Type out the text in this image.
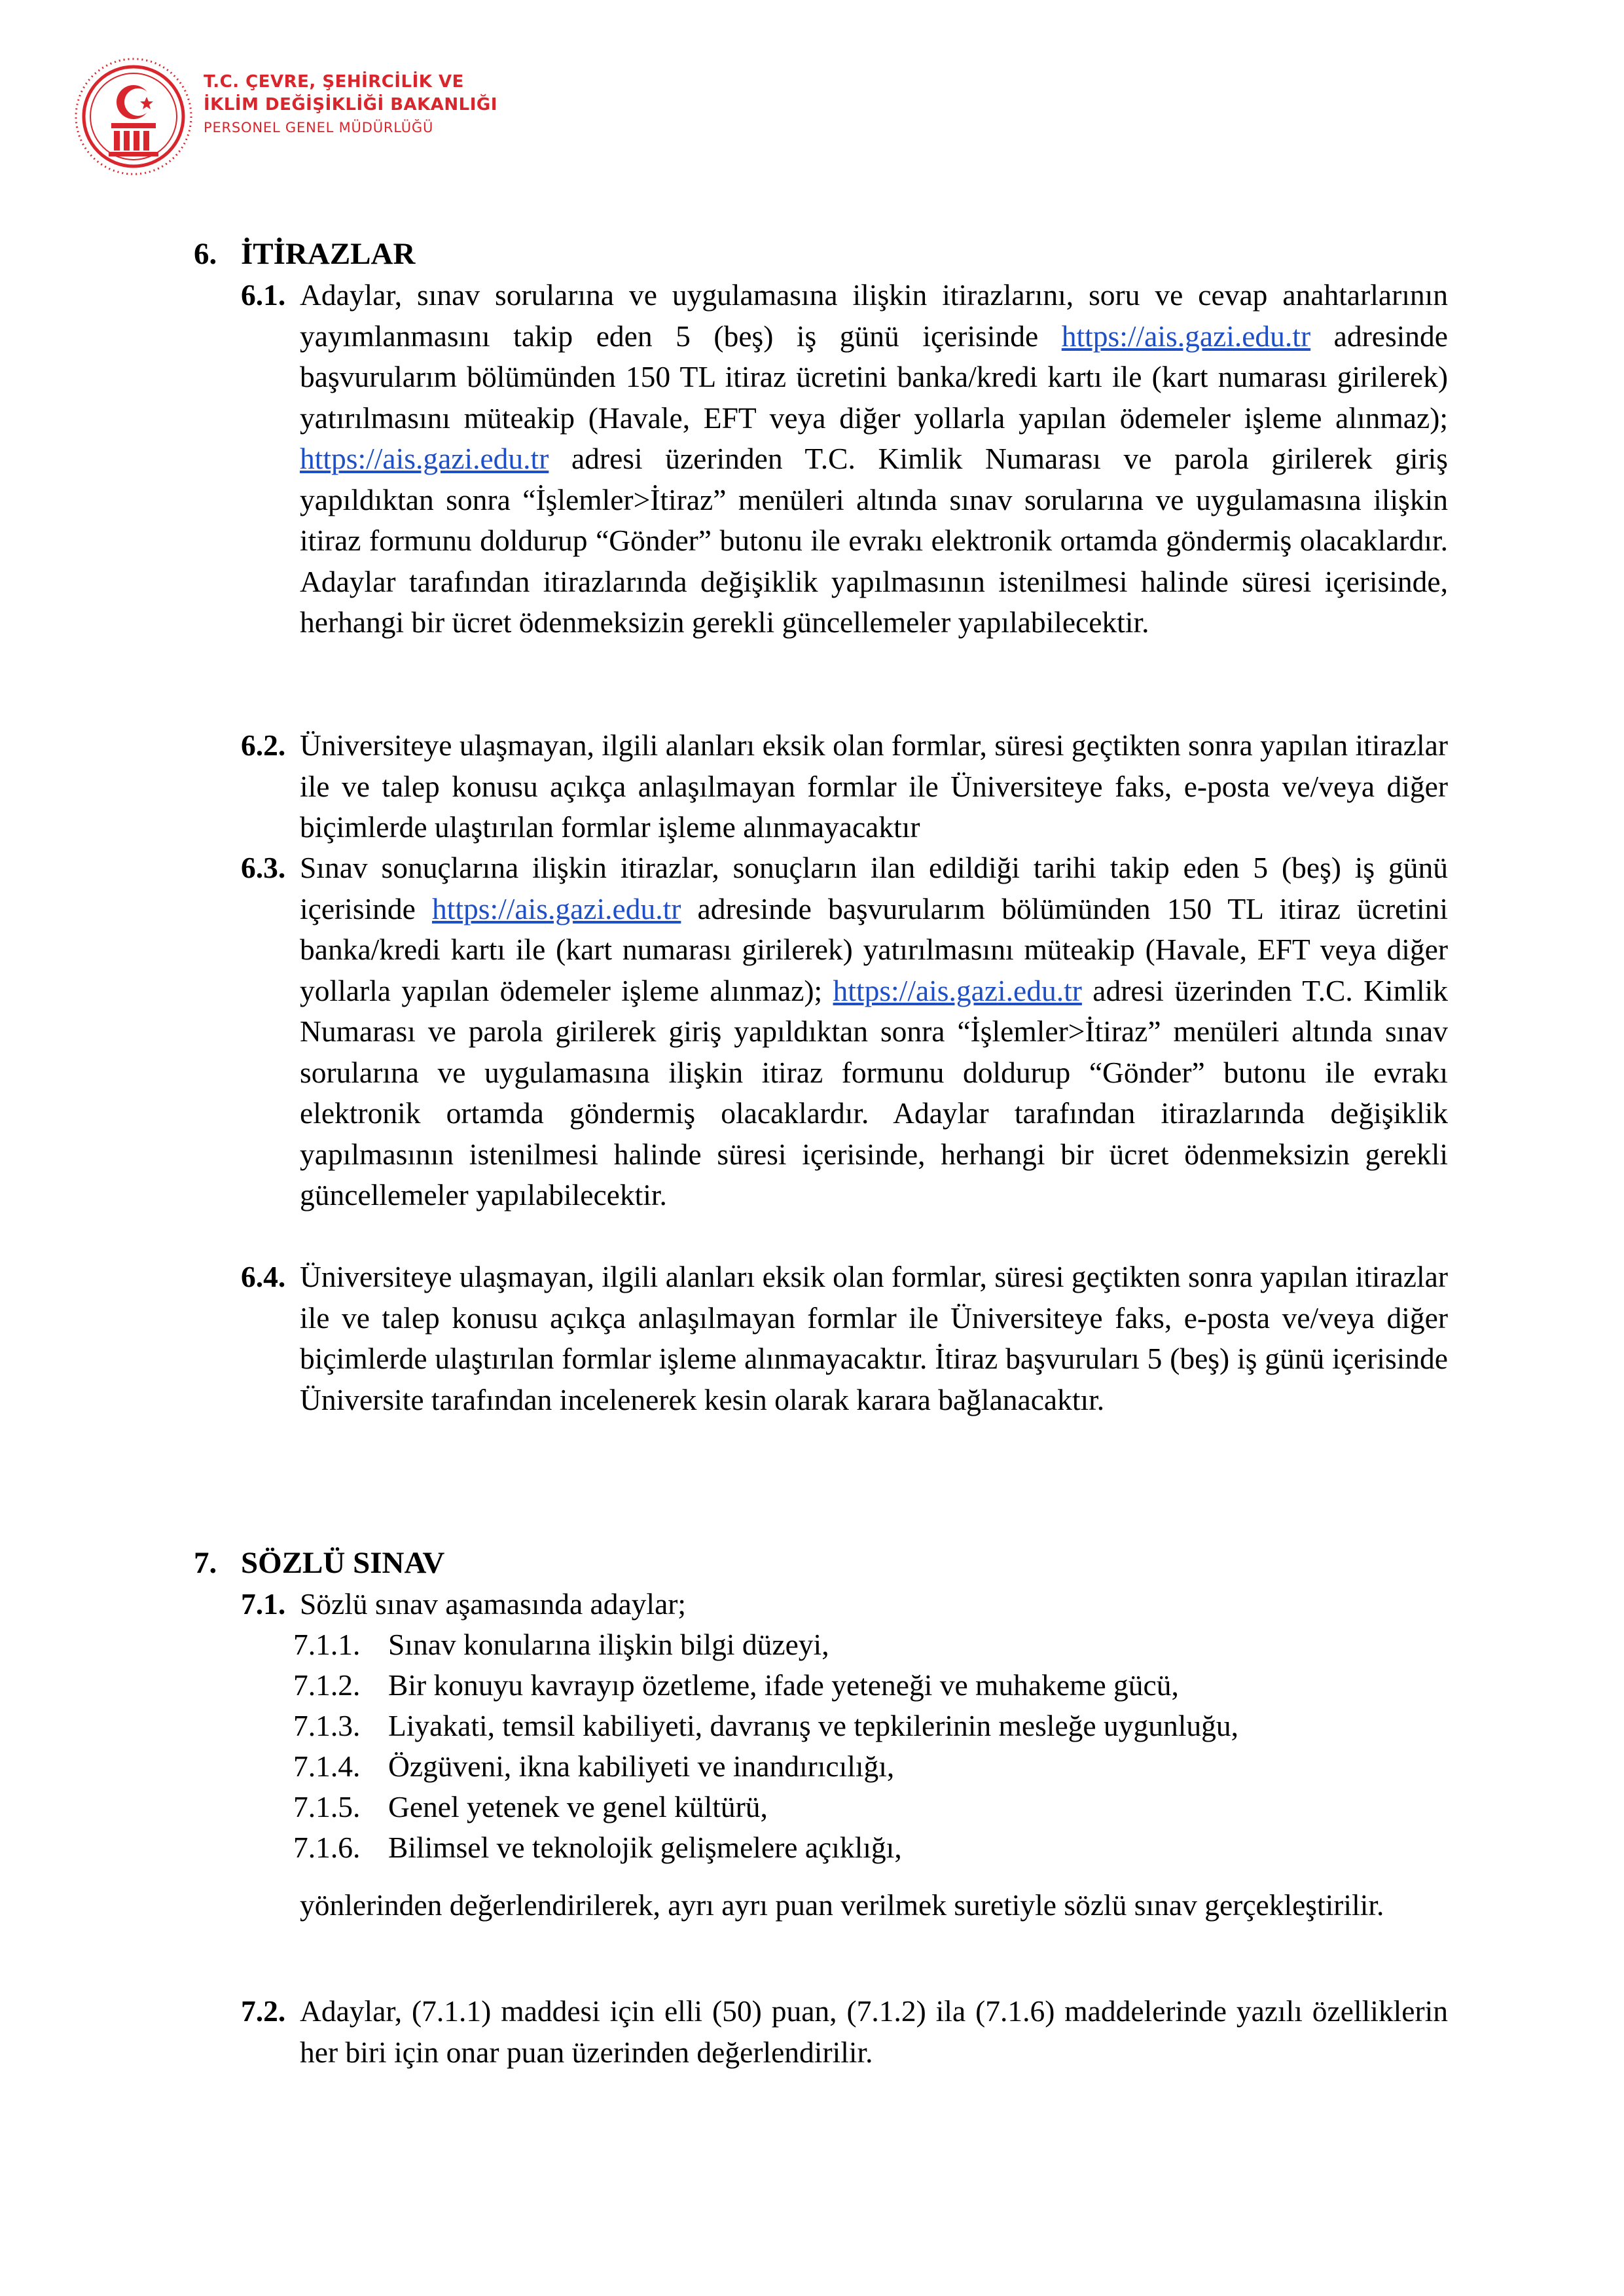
T.C. ÇEVRE, ŞEHİRCİLİK VE
İKLİM DEĞİŞİKLİĞİ BAKANLIĞI
PERSONEL GENEL MÜDÜRLÜĞÜ
6. İTİRAZLAR
6.1. Adaylar, sınav sorularına ve uygulamasına ilişkin itirazlarını, soru ve cevap anahtarlarının yayımlanmasını takip eden 5 (beş) iş günü içerisinde https://ais.gazi.edu.tr adresinde başvurularım bölümünden 150 TL itiraz ücretini banka/kredi kartı ile (kart numarası girilerek) yatırılmasını müteakip (Havale, EFT veya diğer yollarla yapılan ödemeler işleme alınmaz); https://ais.gazi.edu.tr adresi üzerinden T.C. Kimlik Numarası ve parola girilerek giriş yapıldıktan sonra “İşlemler>İtiraz” menüleri altında sınav sorularına ve uygulamasına ilişkin itiraz formunu doldurup “Gönder” butonu ile evrakı elektronik ortamda göndermiş olacaklardır. Adaylar tarafından itirazlarında değişiklik yapılmasının istenilmesi halinde süresi içerisinde, herhangi bir ücret ödenmeksizin gerekli güncellemeler yapılabilecektir.
6.2. Üniversiteye ulaşmayan, ilgili alanları eksik olan formlar, süresi geçtikten sonra yapılan itirazlar ile ve talep konusu açıkça anlaşılmayan formlar ile Üniversiteye faks, e-posta ve/veya diğer biçimlerde ulaştırılan formlar işleme alınmayacaktır
6.3. Sınav sonuçlarına ilişkin itirazlar, sonuçların ilan edildiği tarihi takip eden 5 (beş) iş günü içerisinde https://ais.gazi.edu.tr adresinde başvurularım bölümünden 150 TL itiraz ücretini banka/kredi kartı ile (kart numarası girilerek) yatırılmasını müteakip (Havale, EFT veya diğer yollarla yapılan ödemeler işleme alınmaz); https://ais.gazi.edu.tr adresi üzerinden T.C. Kimlik Numarası ve parola girilerek giriş yapıldıktan sonra “İşlemler>İtiraz” menüleri altında sınav sorularına ve uygulamasına ilişkin itiraz formunu doldurup “Gönder” butonu ile evrakı elektronik ortamda göndermiş olacaklardır. Adaylar tarafından itirazlarında değişiklik yapılmasının istenilmesi halinde süresi içerisinde, herhangi bir ücret ödenmeksizin gerekli güncellemeler yapılabilecektir.
6.4. Üniversiteye ulaşmayan, ilgili alanları eksik olan formlar, süresi geçtikten sonra yapılan itirazlar ile ve talep konusu açıkça anlaşılmayan formlar ile Üniversiteye faks, e-posta ve/veya diğer biçimlerde ulaştırılan formlar işleme alınmayacaktır. İtiraz başvuruları 5 (beş) iş günü içerisinde Üniversite tarafından incelenerek kesin olarak karara bağlanacaktır.
7. SÖZLÜ SINAV
7.1. Sözlü sınav aşamasında adaylar;
7.1.1. Sınav konularına ilişkin bilgi düzeyi,
7.1.2. Bir konuyu kavrayıp özetleme, ifade yeteneği ve muhakeme gücü,
7.1.3. Liyakati, temsil kabiliyeti, davranış ve tepkilerinin mesleğe uygunluğu,
7.1.4. Özgüveni, ikna kabiliyeti ve inandırıcılığı,
7.1.5. Genel yetenek ve genel kültürü,
7.1.6. Bilimsel ve teknolojik gelişmelere açıklığı,
yönlerinden değerlendirilerek, ayrı ayrı puan verilmek suretiyle sözlü sınav gerçekleştirilir.
7.2. Adaylar, (7.1.1) maddesi için elli (50) puan, (7.1.2) ila (7.1.6) maddelerinde yazılı özelliklerin her biri için onar puan üzerinden değerlendirilir.
